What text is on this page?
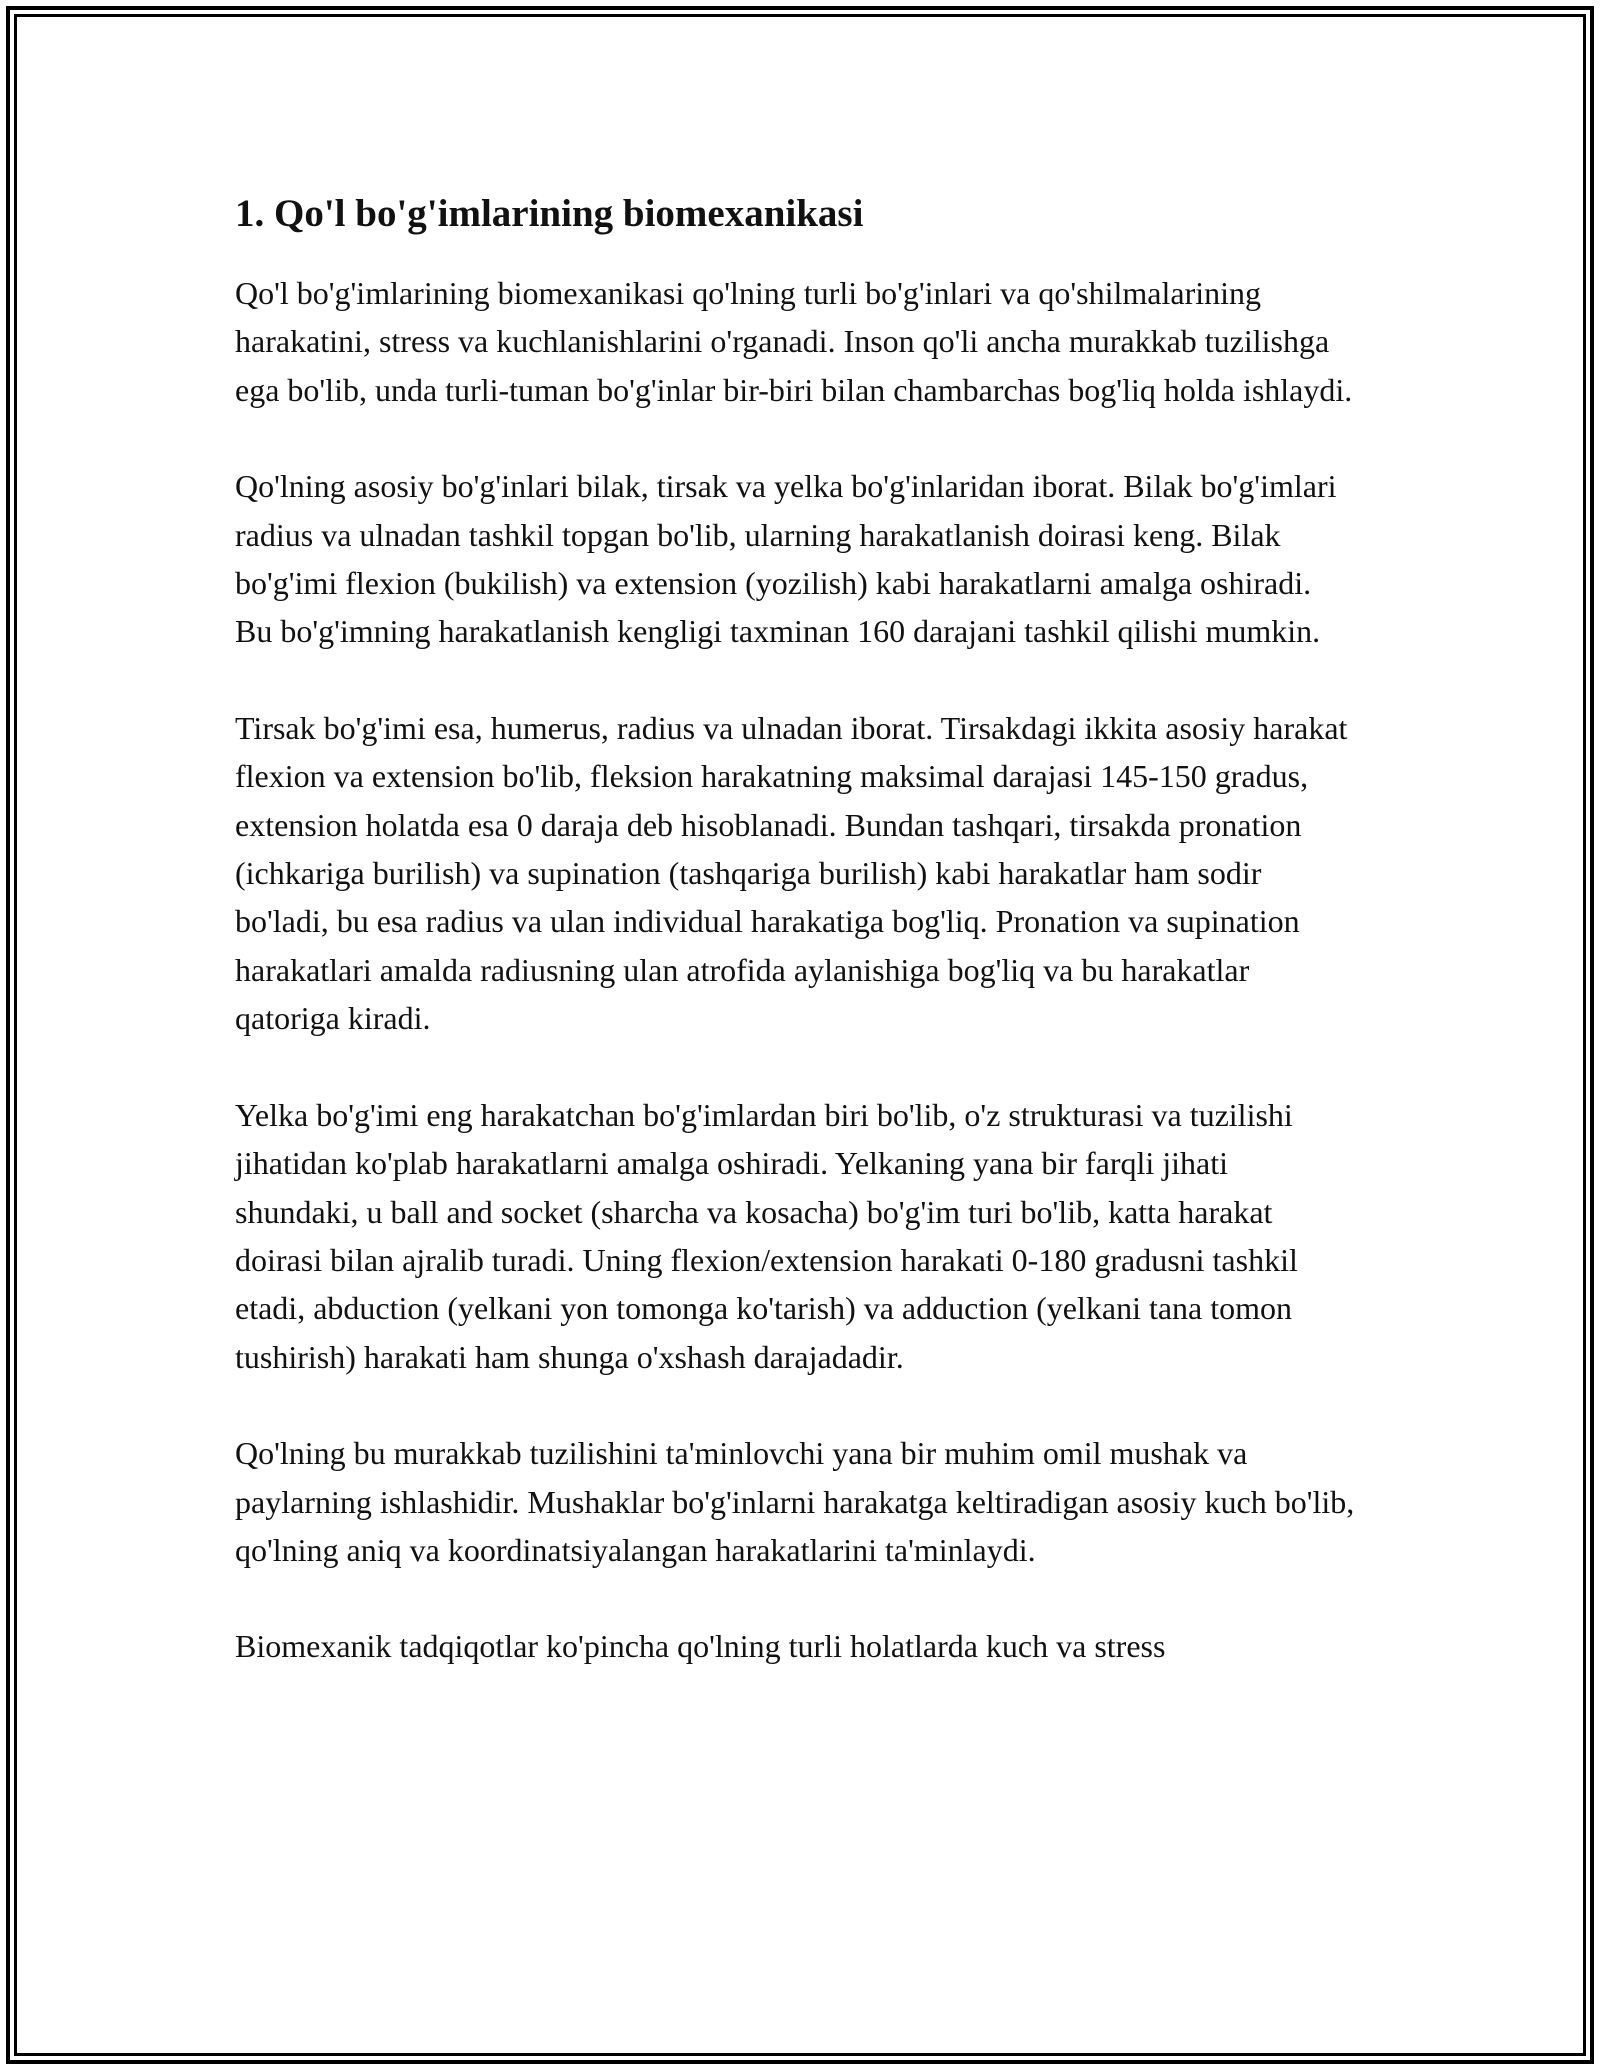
1. Qo'l bo'g'imlarining biomexanikasi

Qo'l bo'g'imlarining biomexanikasi qo'lning turli bo'g'inlari va qo'shilmalarining harakatini, stress va kuchlanishlarini o'rganadi. Inson qo'li ancha murakkab tuzilishga ega bo'lib, unda turli-tuman bo'g'inlar bir-biri bilan chambarchas bog'liq holda ishlaydi.

Qo'lning asosiy bo'g'inlari bilak, tirsak va yelka bo'g'inlaridan iborat. Bilak bo'g'imlari radius va ulnadan tashkil topgan bo'lib, ularning harakatlanish doirasi keng. Bilak bo'g'imi flexion (bukilish) va extension (yozilish) kabi harakatlarni amalga oshiradi. Bu bo'g'imning harakatlanish kengligi taxminan 160 darajani tashkil qilishi mumkin.

Tirsak bo'g'imi esa, humerus, radius va ulnadan iborat. Tirsakdagi ikkita asosiy harakat flexion va extension bo'lib, fleksion harakatning maksimal darajasi 145-150 gradus, extension holatda esa 0 daraja deb hisoblanadi. Bundan tashqari, tirsakda pronation (ichkariga burilish) va supination (tashqariga burilish) kabi harakatlar ham sodir bo'ladi, bu esa radius va ulan individual harakatiga bog'liq. Pronation va supination harakatlari amalda radiusning ulan atrofida aylanishiga bog'liq va bu harakatlar qatoriga kiradi.

Yelka bo'g'imi eng harakatchan bo'g'imlardan biri bo'lib, o'z strukturasi va tuzilishi jihatidan ko'plab harakatlarni amalga oshiradi. Yelkaning yana bir farqli jihati shundaki, u ball and socket (sharcha va kosacha) bo'g'im turi bo'lib, katta harakat doirasi bilan ajralib turadi. Uning flexion/extension harakati 0-180 gradusni tashkil etadi, abduction (yelkani yon tomonga ko'tarish) va adduction (yelkani tana tomon tushirish) harakati ham shunga o'xshash darajadadir.

Qo'lning bu murakkab tuzilishini ta'minlovchi yana bir muhim omil mushak va paylarning ishlashidir. Mushaklar bo'g'inlarni harakatga keltiradigan asosiy kuch bo'lib, qo'lning aniq va koordinatsiyalangan harakatlarini ta'minlaydi.

Biomexanik tadqiqotlar ko'pincha qo'lning turli holatlarda kuch va stress
